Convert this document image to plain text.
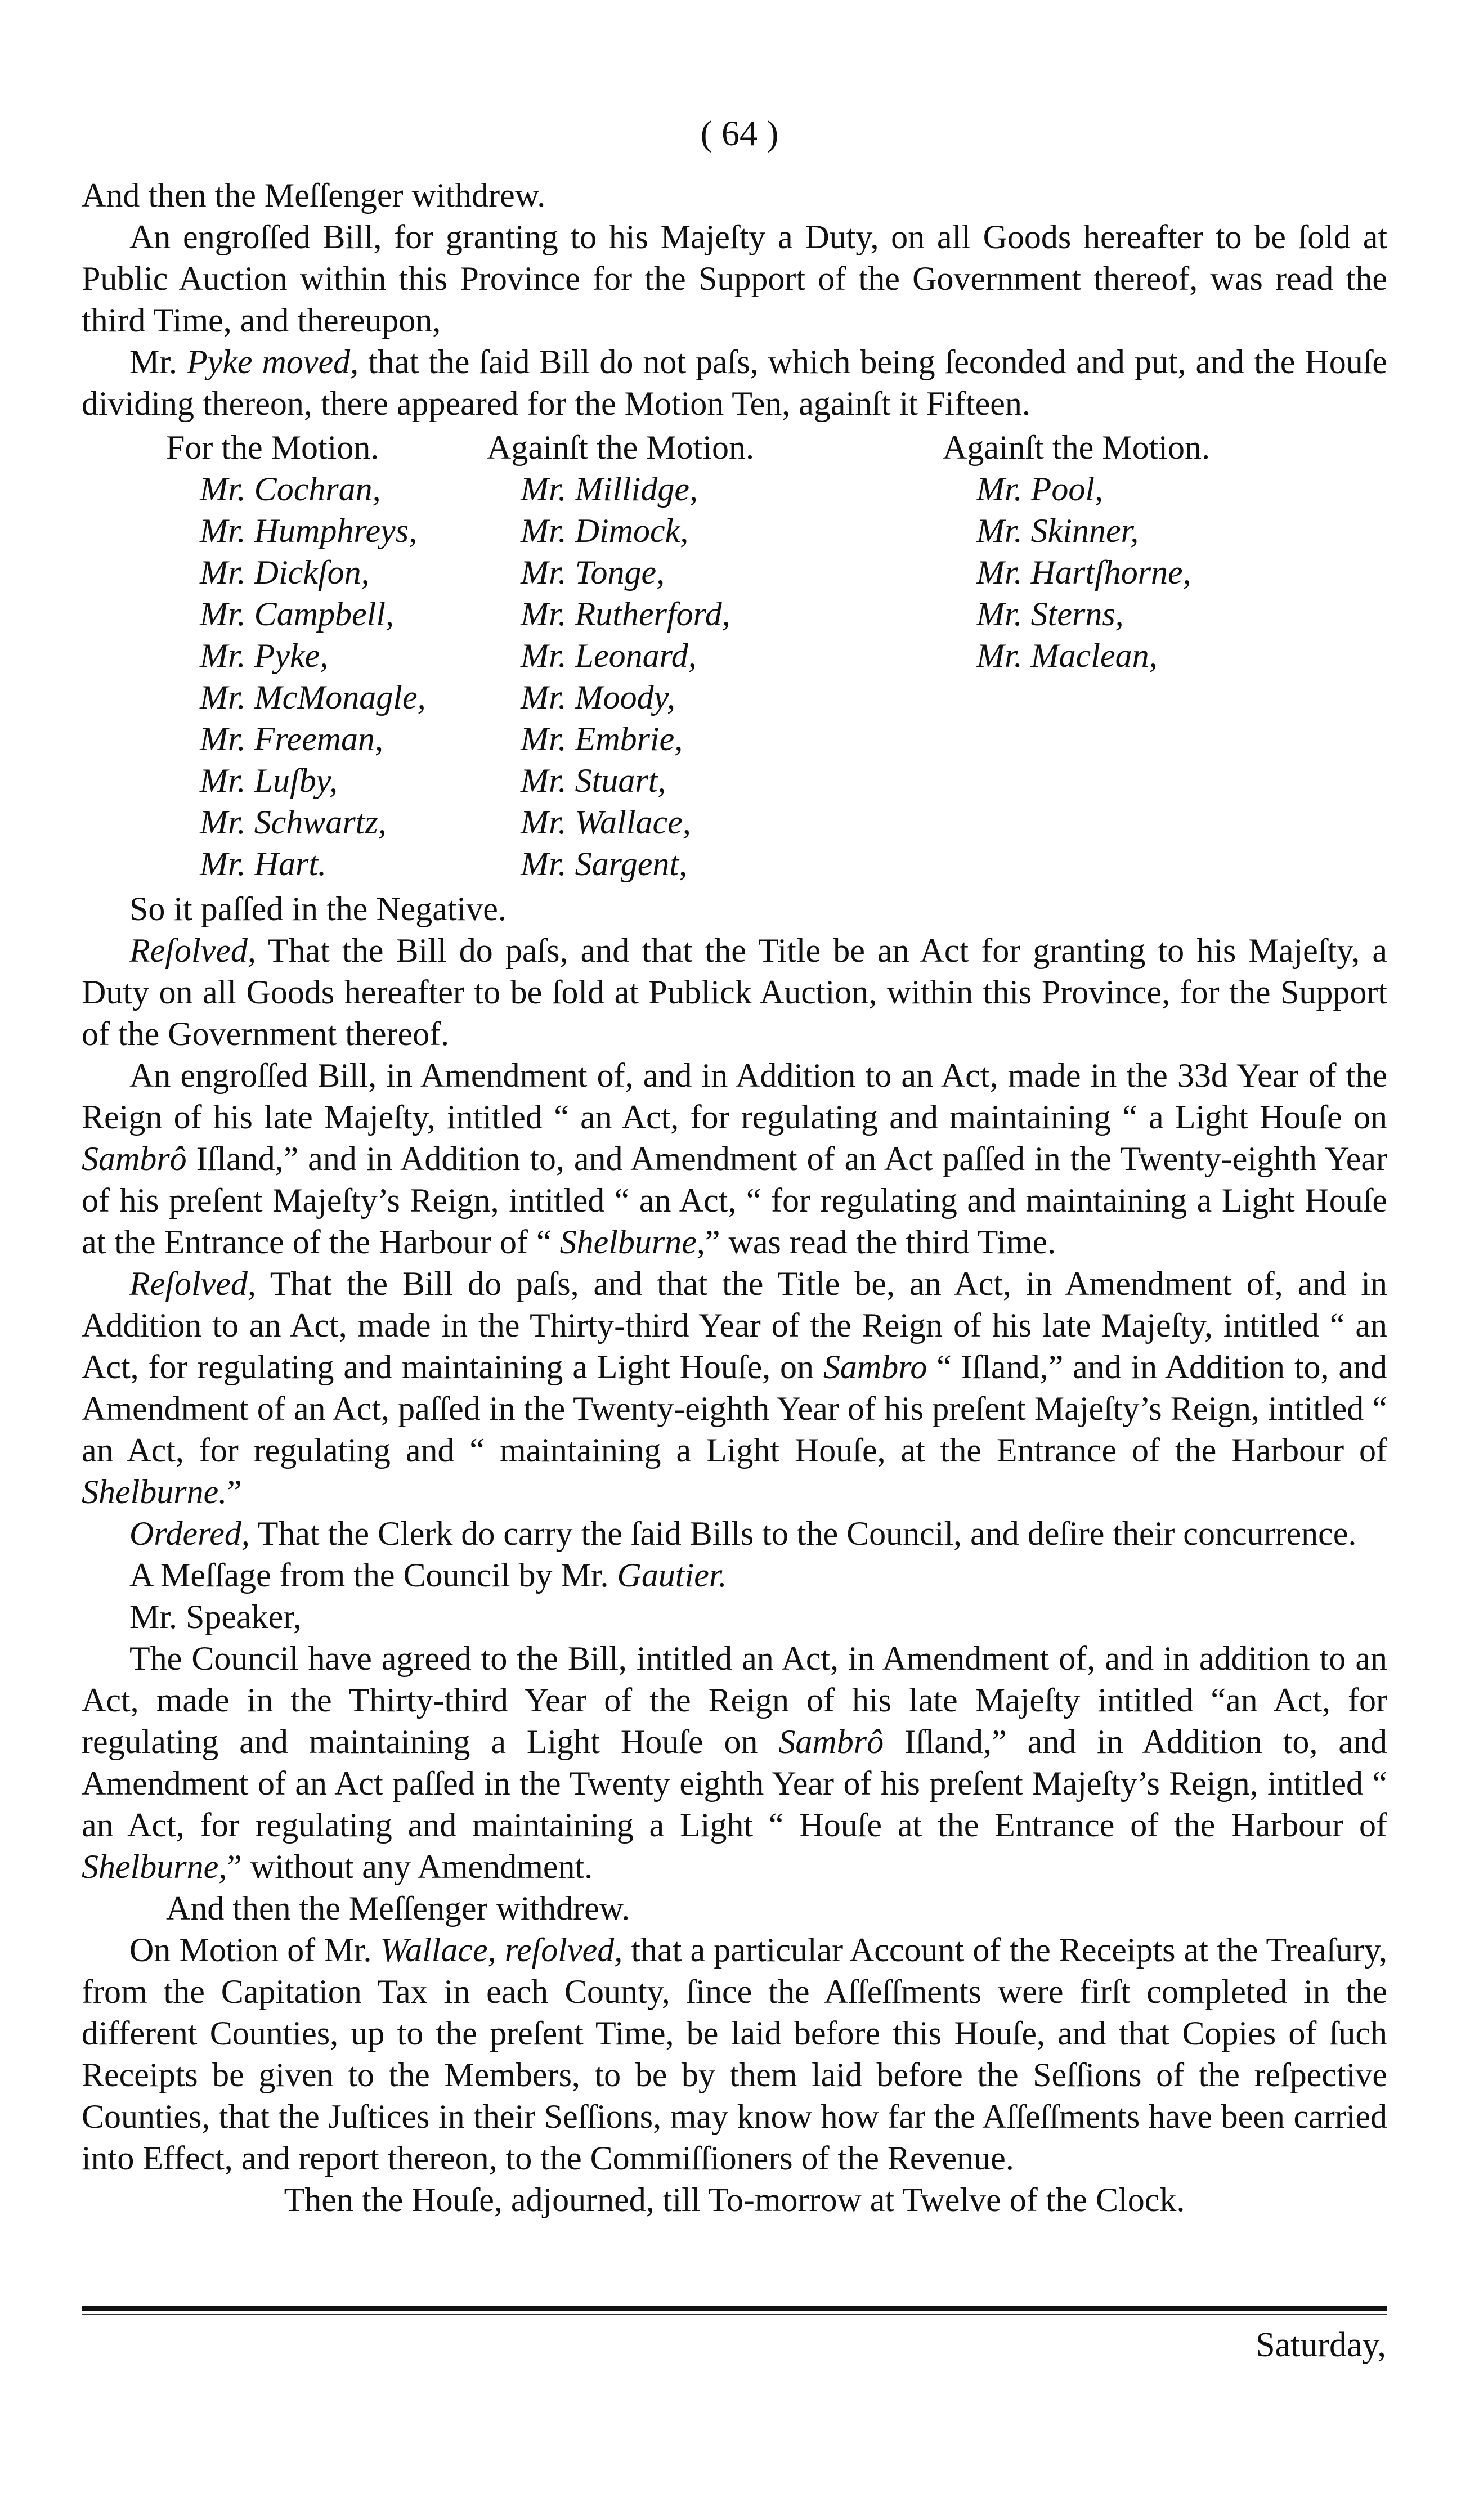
( 64 )

And then the Meſſenger withdrew.

An engroſſed Bill, for granting to his Majeſty a Duty, on all Goods hereafter to be ſold at Public Auction within this Province for the Support of the Government thereof, was read the third Time, and thereupon,

Mr. Pyke moved, that the ſaid Bill do not paſs, which being ſeconded and put, and the Houſe dividing thereon, there appeared for the Motion Ten, againſt it Fifteen.

For the Motion.
Mr. Cochran,
Mr. Humphreys,
Mr. Dickſon,
Mr. Campbell,
Mr. Pyke,
Mr. McMonagle,
Mr. Freeman,
Mr. Luſby,
Mr. Schwartz,
Mr. Hart.
Againſt the Motion.
Mr. Millidge,
Mr. Dimock,
Mr. Tonge,
Mr. Rutherford,
Mr. Leonard,
Mr. Moody,
Mr. Embrie,
Mr. Stuart,
Mr. Wallace,
Mr. Sargent,
Againſt the Motion.
Mr. Pool,
Mr. Skinner,
Mr. Hartſhorne,
Mr. Sterns,
Mr. Maclean,

So it paſſed in the Negative.

Reſolved, That the Bill do paſs, and that the Title be an Act for granting to his Majeſty, a Duty on all Goods hereafter to be ſold at Publick Auction, within this Province, for the Support of the Government thereof.

An engroſſed Bill, in Amendment of, and in Addition to an Act, made in the 33d Year of the Reign of his late Majeſty, intitled “ an Act, for regulating and maintaining “ a Light Houſe on Sambrô Iſland,” and in Addition to, and Amendment of an Act paſſed in the Twenty-eighth Year of his preſent Majeſty’s Reign, intitled “ an Act, “ for regulating and maintaining a Light Houſe at the Entrance of the Harbour of “ Shelburne,” was read the third Time.

Reſolved, That the Bill do paſs, and that the Title be, an Act, in Amendment of, and in Addition to an Act, made in the Thirty-third Year of the Reign of his late Majeſty, intitled “ an Act, for regulating and maintaining a Light Houſe, on Sambro “ Iſland,” and in Addition to, and Amendment of an Act, paſſed in the Twenty-eighth Year of his preſent Majeſty’s Reign, intitled “ an Act, for regulating and “ maintaining a Light Houſe, at the Entrance of the Harbour of Shelburne.”

Ordered, That the Clerk do carry the ſaid Bills to the Council, and deſire their concurrence.

A Meſſage from the Council by Mr. Gautier.

Mr. Speaker,

The Council have agreed to the Bill, intitled an Act, in Amendment of, and in addition to an Act, made in the Thirty-third Year of the Reign of his late Majeſty intitled “an Act, for regulating and maintaining a Light Houſe on Sambrô Iſland,” and in Addition to, and Amendment of an Act paſſed in the Twenty eighth Year of his preſent Majeſty’s Reign, intitled “ an Act, for regulating and maintaining a Light “ Houſe at the Entrance of the Harbour of Shelburne,” without any Amendment.

And then the Meſſenger withdrew.

On Motion of Mr. Wallace, reſolved, that a particular Account of the Receipts at the Treaſury, from the Capitation Tax in each County, ſince the Aſſeſſments were firſt completed in the different Counties, up to the preſent Time, be laid before this Houſe, and that Copies of ſuch Receipts be given to the Members, to be by them laid before the Seſſions of the reſpective Counties, that the Juſtices in their Seſſions, may know how far the Aſſeſſments have been carried into Effect, and report thereon, to the Commiſſioners of the Revenue.

Then the Houſe, adjourned, till To-morrow at Twelve of the Clock.

Saturday,
